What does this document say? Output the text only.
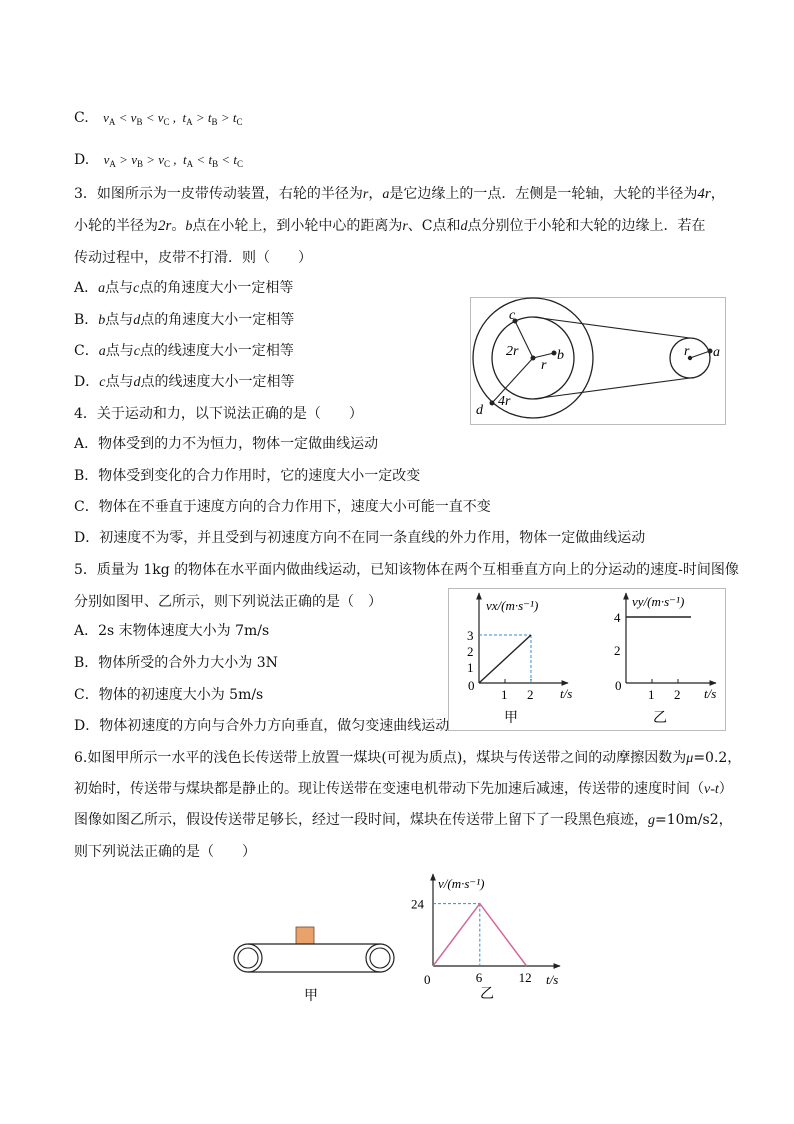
C. $v_A < v_B < v_C$ ,  $t_A > t_B > t_C$
D. $v_A > v_B > v_C$ ,  $t_A < t_B < t_C$
3．如图所示为一皮带传动装置，右轮的半径为r，a是它边缘上的一点．左侧是一轮轴，大轮的半径为4r，
小轮的半径为2r。b点在小轮上，到小轮中心的距离为r、C点和d点分别位于小轮和大轮的边缘上．若在
传动过程中，皮带不打滑．则（　　）
A．a点与c点的角速度大小一定相等
B．b点与d点的角速度大小一定相等
C．a点与c点的线速度大小一定相等
D．c点与d点的线速度大小一定相等
c
2r
r
b
d
4r
r a
4．关于运动和力，以下说法正确的是（　　）
A．物体受到的力不为恒力，物体一定做曲线运动
B．物体受到变化的合力作用时，它的速度大小一定改变
C．物体在不垂直于速度方向的合力作用下，速度大小可能一直不变
D．初速度不为零，并且受到与初速度方向不在同一条直线的外力作用，物体一定做曲线运动
5．质量为 1kg 的物体在水平面内做曲线运动，已知该物体在两个互相垂直方向上的分运动的速度-时间图像
分别如图甲、乙所示，则下列说法正确的是（　）
A．2s 末物体速度大小为 7m/s
B．物体所受的合外力大小为 3N
C．物体的初速度大小为 5m/s
D．物体初速度的方向与合外力方向垂直，做匀变速曲线运动
vx/(m·s⁻¹)
t/s
0
甲
1
2
3
1 2
vy/(m·s⁻¹)
t/s
0
乙
2
4
1 2
6.如图甲所示一水平的浅色长传送带上放置一煤块(可视为质点)，煤块与传送带之间的动摩擦因数为μ=0.2，
初始时，传送带与煤块都是静止的。现让传送带在变速电机带动下先加速后减速，传送带的速度时间（v-t）
图像如图乙所示，假设传送带足够长，经过一段时间，煤块在传送带上留下了一段黑色痕迹，g=10m/s2，
则下列说法正确的是（　　）
甲
v/(m·s⁻¹)
t/s
0
乙
24
6	12
